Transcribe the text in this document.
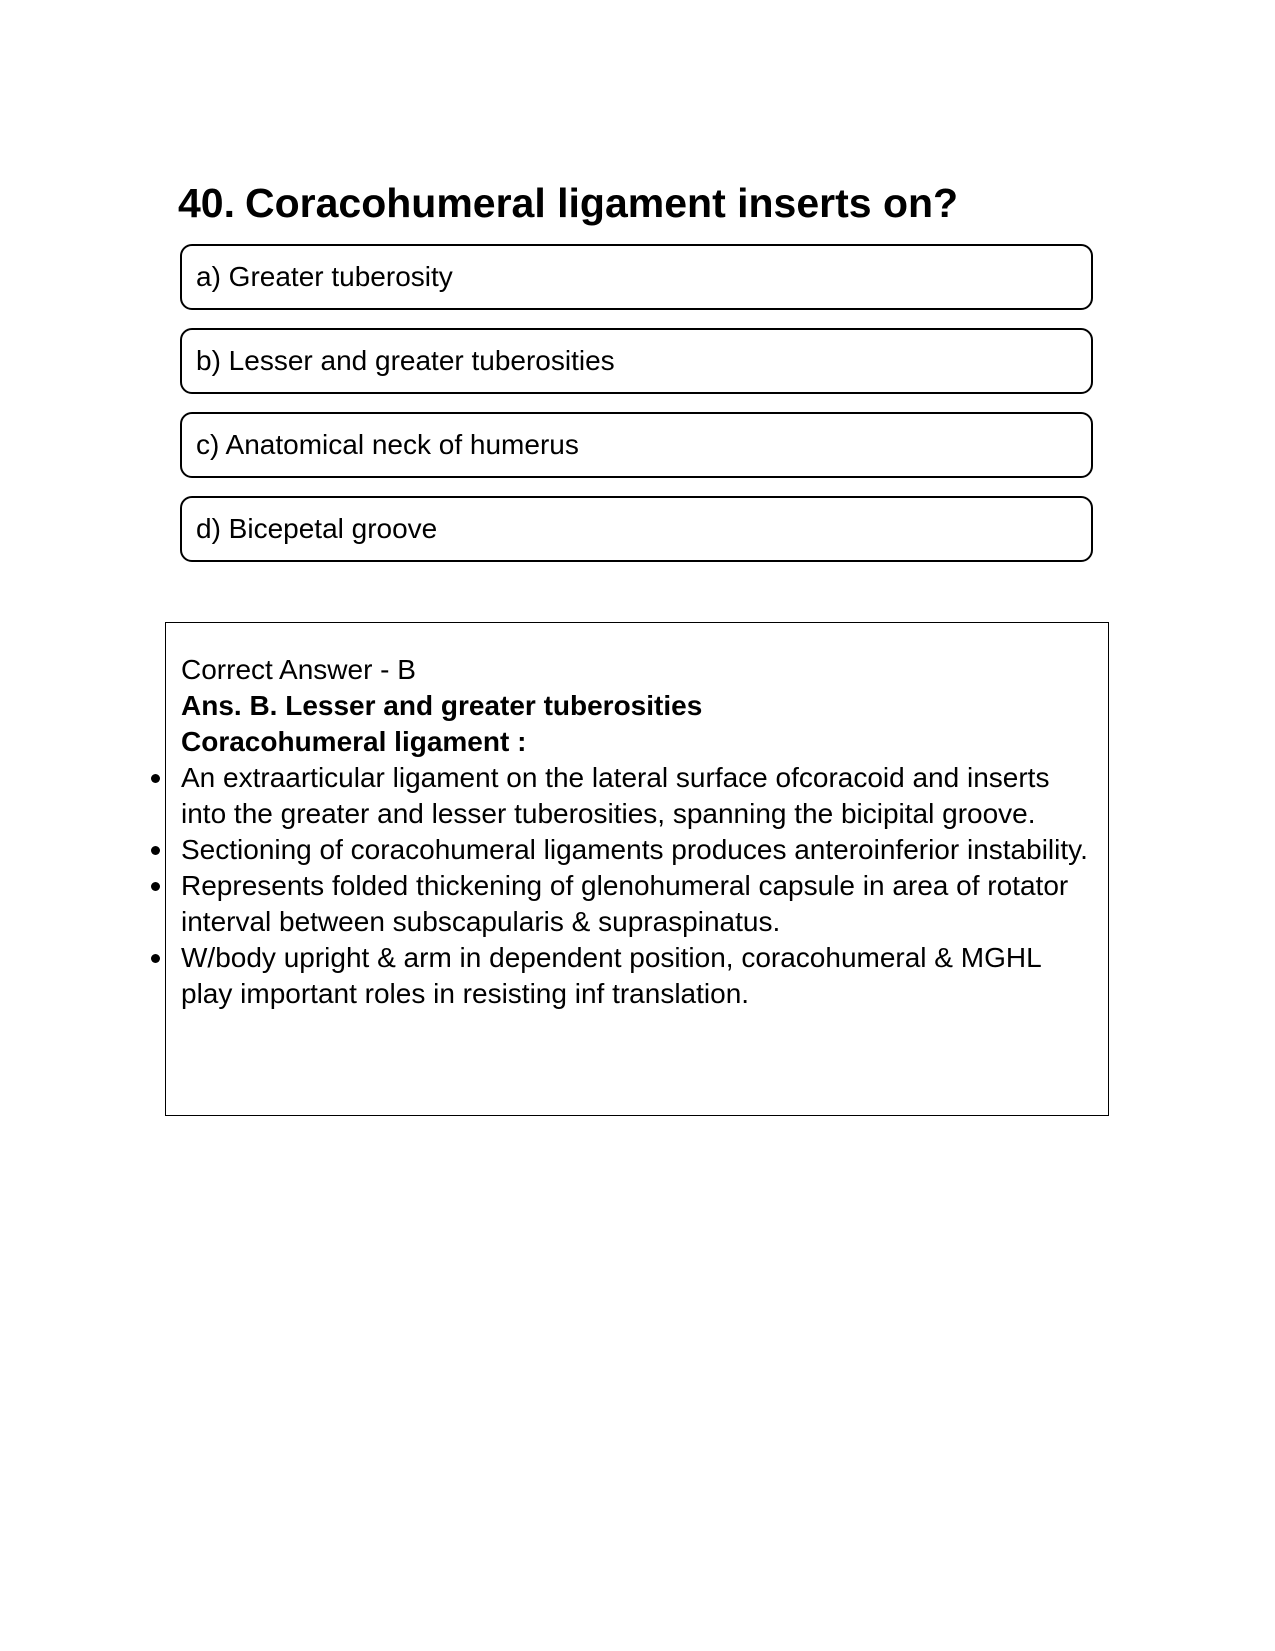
40. Coracohumeral ligament inserts on?
a) Greater tuberosity
b) Lesser and greater tuberosities
c) Anatomical neck of humerus
d) Bicepetal groove
Correct Answer - B
Ans. B. Lesser and greater tuberosities
Coracohumeral ligament :
An extraarticular ligament on the lateral surface ofcoracoid and inserts into the greater and lesser tuberosities, spanning the bicipital groove.
Sectioning of coracohumeral ligaments produces anteroinferior instability.
Represents folded thickening of glenohumeral capsule in area of rotator interval between subscapularis & supraspinatus.
W/body upright & arm in dependent position, coracohumeral & MGHL play important roles in resisting inf translation.
